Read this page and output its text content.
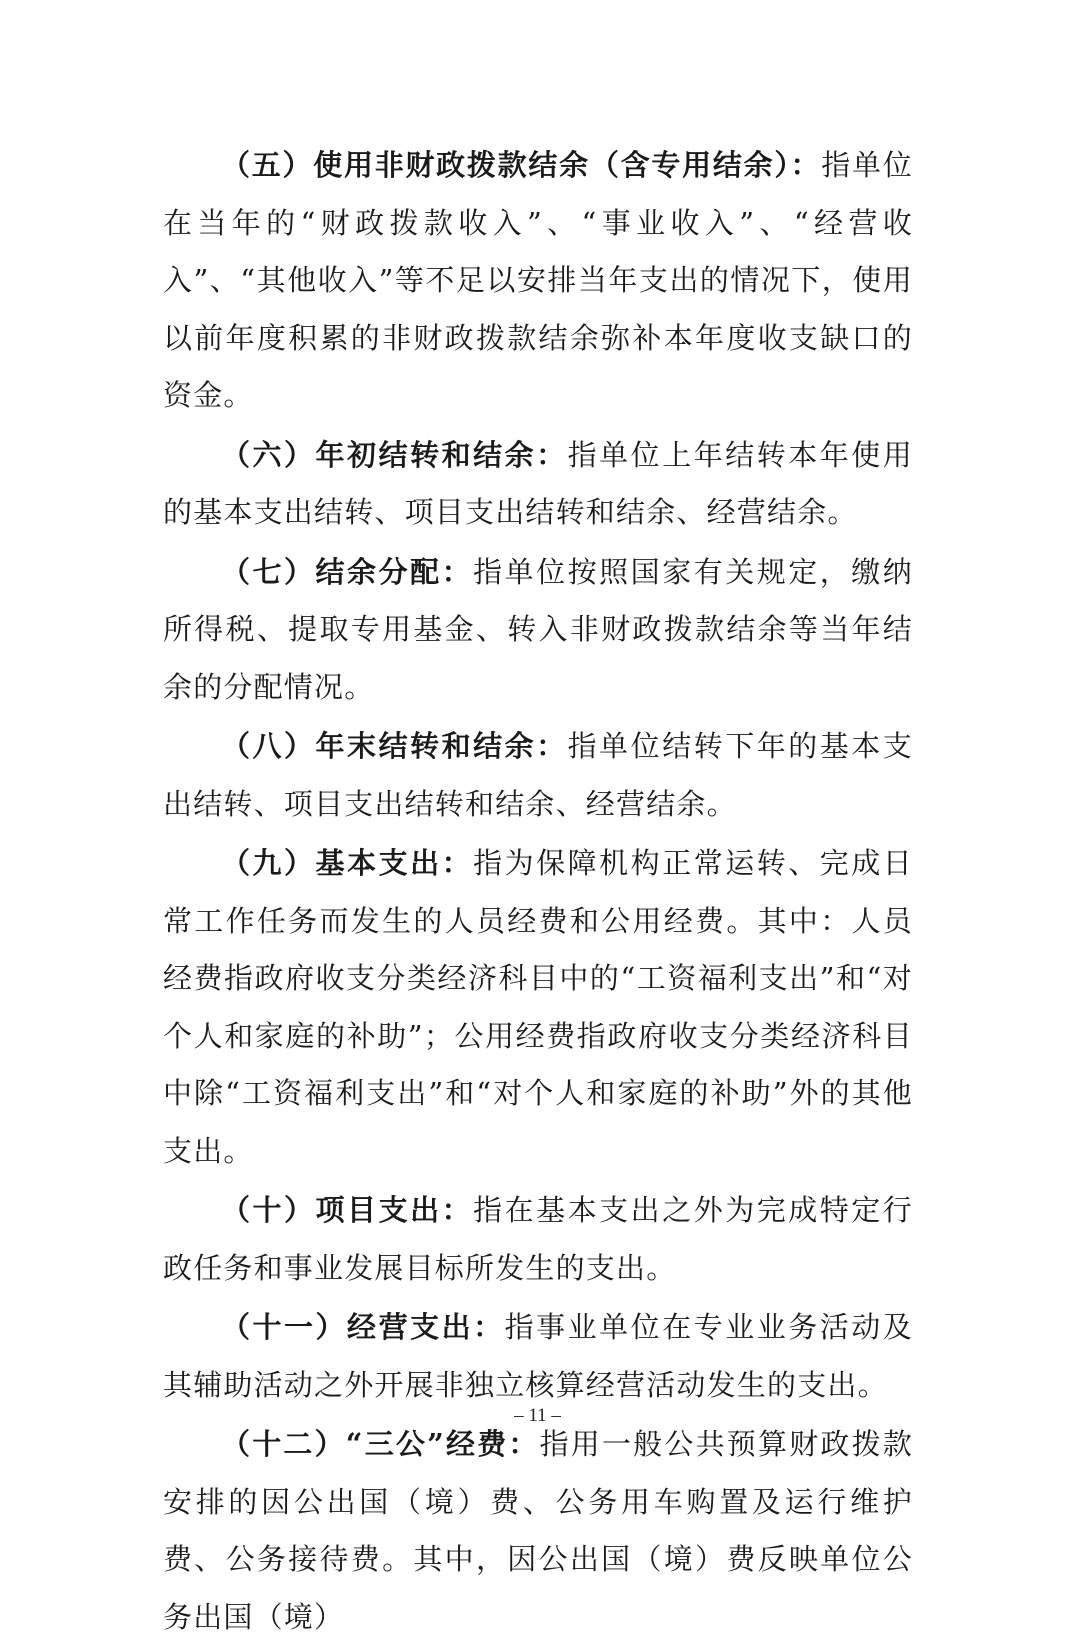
（五）使用非财政拨款结余（含专用结余）：指单位在当年的“财政拨款收入”、“事业收入”、“经营收入”、“其他收入”等不足以安排当年支出的情况下，使用以前年度积累的非财政拨款结余弥补本年度收支缺口的资金。

（六）年初结转和结余：指单位上年结转本年使用的基本支出结转、项目支出结转和结余、经营结余。

（七）结余分配：指单位按照国家有关规定，缴纳所得税、提取专用基金、转入非财政拨款结余等当年结余的分配情况。

（八）年末结转和结余：指单位结转下年的基本支出结转、项目支出结转和结余、经营结余。

（九）基本支出：指为保障机构正常运转、完成日常工作任务而发生的人员经费和公用经费。其中：人员经费指政府收支分类经济科目中的“工资福利支出”和“对个人和家庭的补助”；公用经费指政府收支分类经济科目中除“工资福利支出”和“对个人和家庭的补助”外的其他支出。

（十）项目支出：指在基本支出之外为完成特定行政任务和事业发展目标所发生的支出。

（十一）经营支出：指事业单位在专业业务活动及其辅助活动之外开展非独立核算经营活动发生的支出。

（十二）“三公”经费：指用一般公共预算财政拨款安排的因公出国（境）费、公务用车购置及运行维护费、公务接待费。其中，因公出国（境）费反映单位公务出国（境）

– 11 –
